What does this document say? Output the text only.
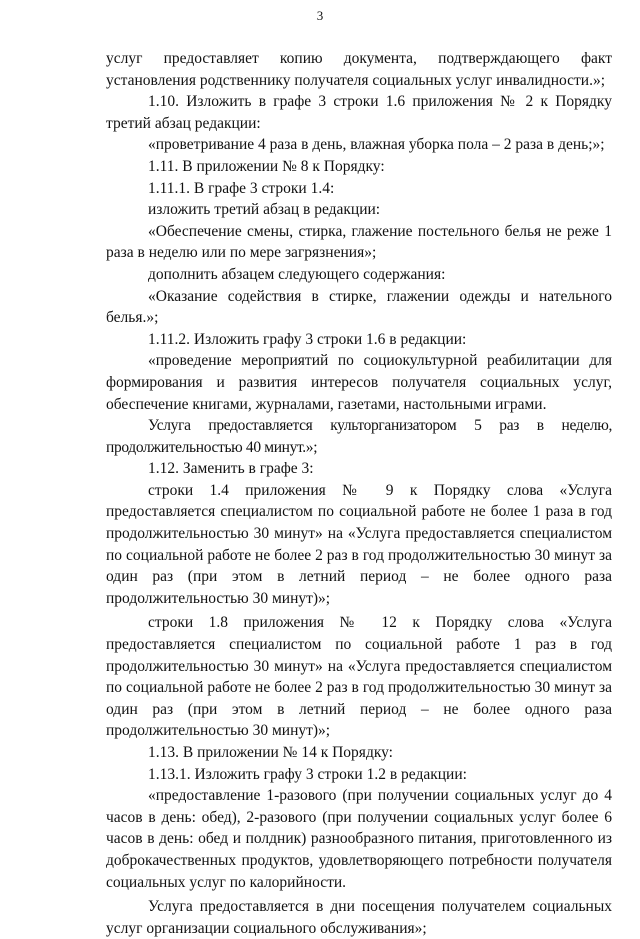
3

услуг предоставляет копию документа, подтверждающего факт установления родственнику получателя социальных услуг инвалидности.»;

1.10. Изложить в графе 3 строки 1.6 приложения № 2 к Порядку третий абзац редакции:

«проветривание 4 раза в день, влажная уборка пола – 2 раза в день;»;

1.11. В приложении № 8 к Порядку:

1.11.1. В графе 3 строки 1.4:

изложить третий абзац в редакции:

«Обеспечение смены, стирка, глажение постельного белья не реже 1 раза в неделю или по мере загрязнения»;

дополнить абзацем следующего содержания:

«Оказание содействия в стирке, глажении одежды и нательного белья.»;

1.11.2. Изложить графу 3 строки 1.6 в редакции:

«проведение мероприятий по социокультурной реабилитации для формирования и развития интересов получателя социальных услуг, обеспечение книгами, журналами, газетами, настольными играми.

Услуга предоставляется культорганизатором 5 раз в неделю, продолжительностью 40 минут.»;

1.12. Заменить в графе 3:

строки 1.4 приложения № 9 к Порядку слова «Услуга предоставляется специалистом по социальной работе не более 1 раза в год продолжительностью 30 минут» на «Услуга предоставляется специалистом по социальной работе не более 2 раз в год продолжительностью 30 минут за один раз (при этом в летний период – не более одного раза продолжительностью 30 минут)»;

строки 1.8 приложения № 12 к Порядку слова «Услуга предоставляется специалистом по социальной работе 1 раз в год продолжительностью 30 минут» на «Услуга предоставляется специалистом по социальной работе не более 2 раз в год продолжительностью 30 минут за один раз (при этом в летний период – не более одного раза продолжительностью 30 минут)»;

1.13. В приложении № 14 к Порядку:

1.13.1. Изложить графу 3 строки 1.2 в редакции:

«предоставление 1-разового (при получении социальных услуг до 4 часов в день: обед), 2-разового (при получении социальных услуг более 6 часов в день: обед и полдник) разнообразного питания, приготовленного из доброкачественных продуктов, удовлетворяющего потребности получателя социальных услуг по калорийности.

Услуга предоставляется в дни посещения получателем социальных услуг организации социального обслуживания»;
